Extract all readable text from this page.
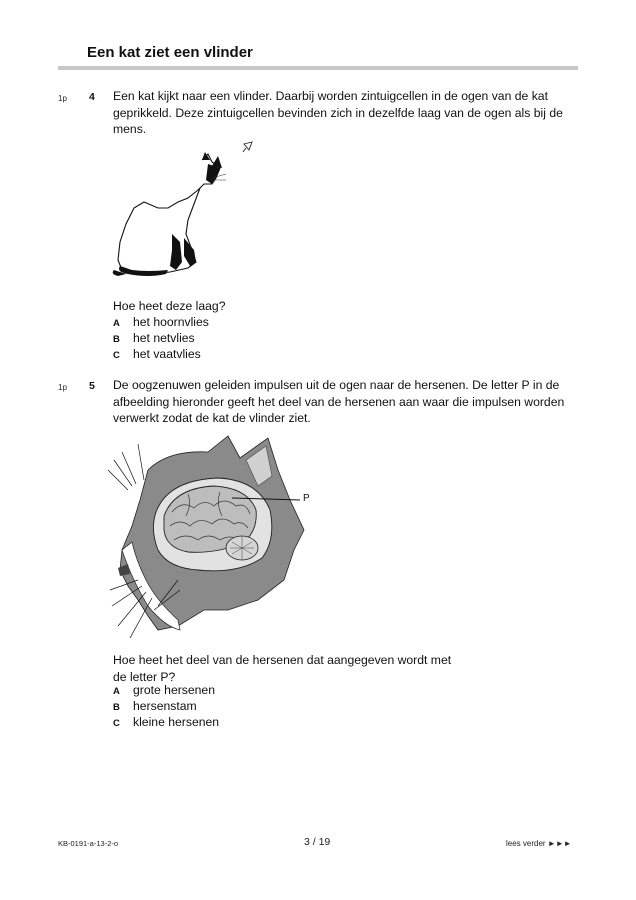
Een kat ziet een vlinder
1p 4 Een kat kijkt naar een vlinder. Daarbij worden zintuigcellen in de ogen van de kat geprikkeld. Deze zintuigcellen bevinden zich in dezelfde laag van de ogen als bij de mens.

Hoe heet deze laag?

A het hoornvlies
B het netvlies
C het vaatvlies
1p 5 De oogzenuwen geleiden impulsen uit de ogen naar de hersenen. De letter P in de afbeelding hieronder geeft het deel van de hersenen aan waar die impulsen worden verwerkt zodat de kat de vlinder ziet.

P

Hoe heet het deel van de hersenen dat aangegeven wordt met

de letter P?

A grote hersenen
B hersenstam
C kleine hersenen
KB-0191-a-13-2-o	3 / 19	lees verder ►►►
